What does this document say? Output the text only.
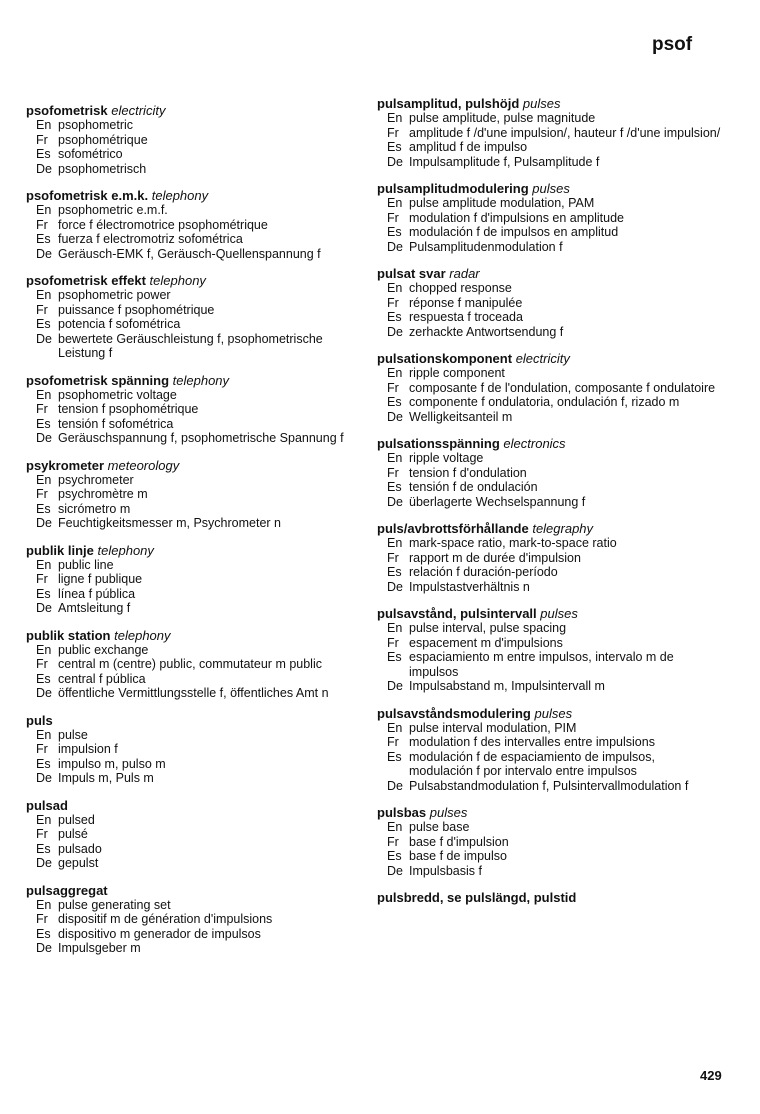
psof
psofometrisk electricity
En psophometric
Fr psophométrique
Es sofométrico
De psophometrisch
psofometrisk e.m.k. telephony
En psophometric e.m.f.
Fr force f électromotrice psophométrique
Es fuerza f electromotriz sofométrica
De Geräusch-EMK f, Geräusch-Quellenspannung f
psofometrisk effekt telephony
En psophometric power
Fr puissance f psophométrique
Es potencia f sofométrica
De bewertete Geräuschleistung f, psophometrische Leistung f
psofometrisk spänning telephony
En psophometric voltage
Fr tension f psophométrique
Es tensión f sofométrica
De Geräuschspannung f, psophometrische Spannung f
psykrometer meteorology
En psychrometer
Fr psychromètre m
Es sicrómetro m
De Feuchtigkeitsmesser m, Psychrometer n
publik linje telephony
En public line
Fr ligne f publique
Es línea f pública
De Amtsleitung f
publik station telephony
En public exchange
Fr central m (centre) public, commutateur m public
Es central f pública
De öffentliche Vermittlungsstelle f, öffentliches Amt n
puls
En pulse
Fr impulsion f
Es impulso m, pulso m
De Impuls m, Puls m
pulsad
En pulsed
Fr pulsé
Es pulsado
De gepulst
pulsaggregat
En pulse generating set
Fr dispositif m de génération d'impulsions
Es dispositivo m generador de impulsos
De Impulsgeber m
pulsamplitud, pulshöjd pulses
En pulse amplitude, pulse magnitude
Fr amplitude f /d'une impulsion/, hauteur f /d'une impulsion/
Es amplitud f de impulso
De Impulsamplitude f, Pulsamplitude f
pulsamplitudmodulering pulses
En pulse amplitude modulation, PAM
Fr modulation f d'impulsions en amplitude
Es modulación f de impulsos en amplitud
De Pulsamplitudenmodulation f
pulsat svar radar
En chopped response
Fr réponse f manipulée
Es respuesta f troceada
De zerhackte Antwortsendung f
pulsationskomponent electricity
En ripple component
Fr composante f de l'ondulation, composante f ondulatoire
Es componente f ondulatoria, ondulación f, rizado m
De Welligkeitsanteil m
pulsationsspänning electronics
En ripple voltage
Fr tension f d'ondulation
Es tensión f de ondulación
De überlagerte Wechselspannung f
puls/avbrottsförhållande telegraphy
En mark-space ratio, mark-to-space ratio
Fr rapport m de durée d'impulsion
Es relación f duración-período
De Impulstastverhältnis n
pulsavstånd, pulsintervall pulses
En pulse interval, pulse spacing
Fr espacement m d'impulsions
Es espaciamiento m entre impulsos, intervalo m de impulsos
De Impulsabstand m, Impulsintervall m
pulsavståndsmodulering pulses
En pulse interval modulation, PIM
Fr modulation f des intervalles entre impulsions
Es modulación f de espaciamiento de impulsos, modulación f por intervalo entre impulsos
De Pulsabstandmodulation f, Pulsintervallmodulation f
pulsbas pulses
En pulse base
Fr base f d'impulsion
Es base f de impulso
De Impulsbasis f
pulsbredd, se pulslängd, pulstid
429
